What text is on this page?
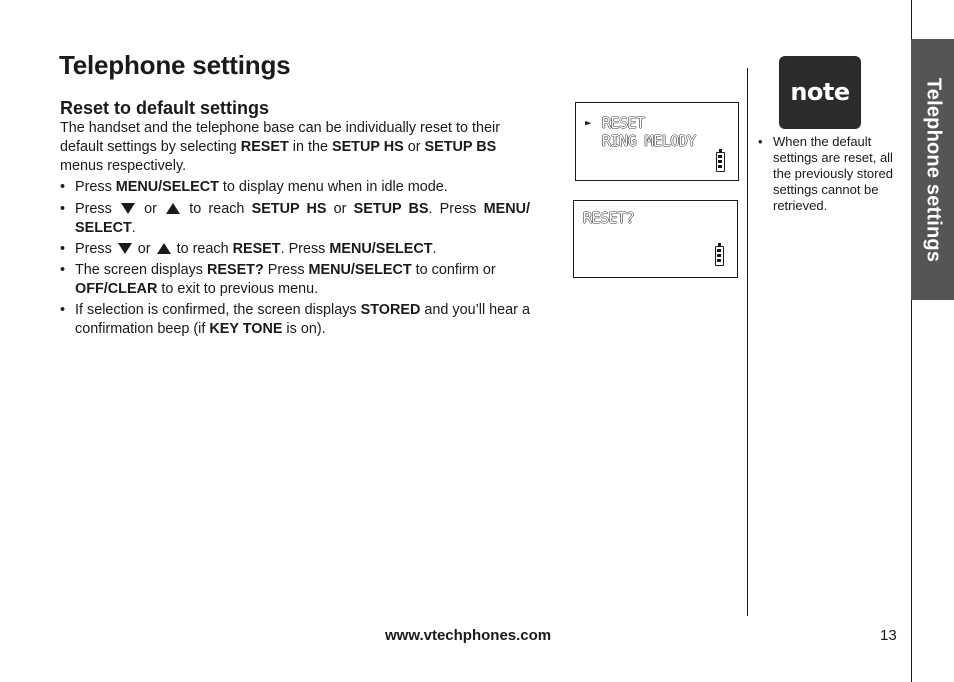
Telephone settings
Reset to default settings

The handset and the telephone base can be individually reset to their default settings by selecting RESET in the SETUP HS or SETUP BS menus respectively.

• Press MENU/SELECT to display menu when in idle mode.
• Press  or  to reach SETUP HS or SETUP BS. Press MENU/ SELECT.
• Press  or  to reach RESET. Press MENU/SELECT.
• The screen displays RESET? Press MENU/SELECT to confirm or OFF/CLEAR to exit to previous menu.
• If selection is confirmed, the screen displays STORED and you’ll hear a confirmation beep (if KEY TONE is on).
► RESET
RING MELODY
RESET?
note
• When the default settings are reset, all the previously stored settings cannot be retrieved.	Telephone settings
www.vtechphones.com	13
